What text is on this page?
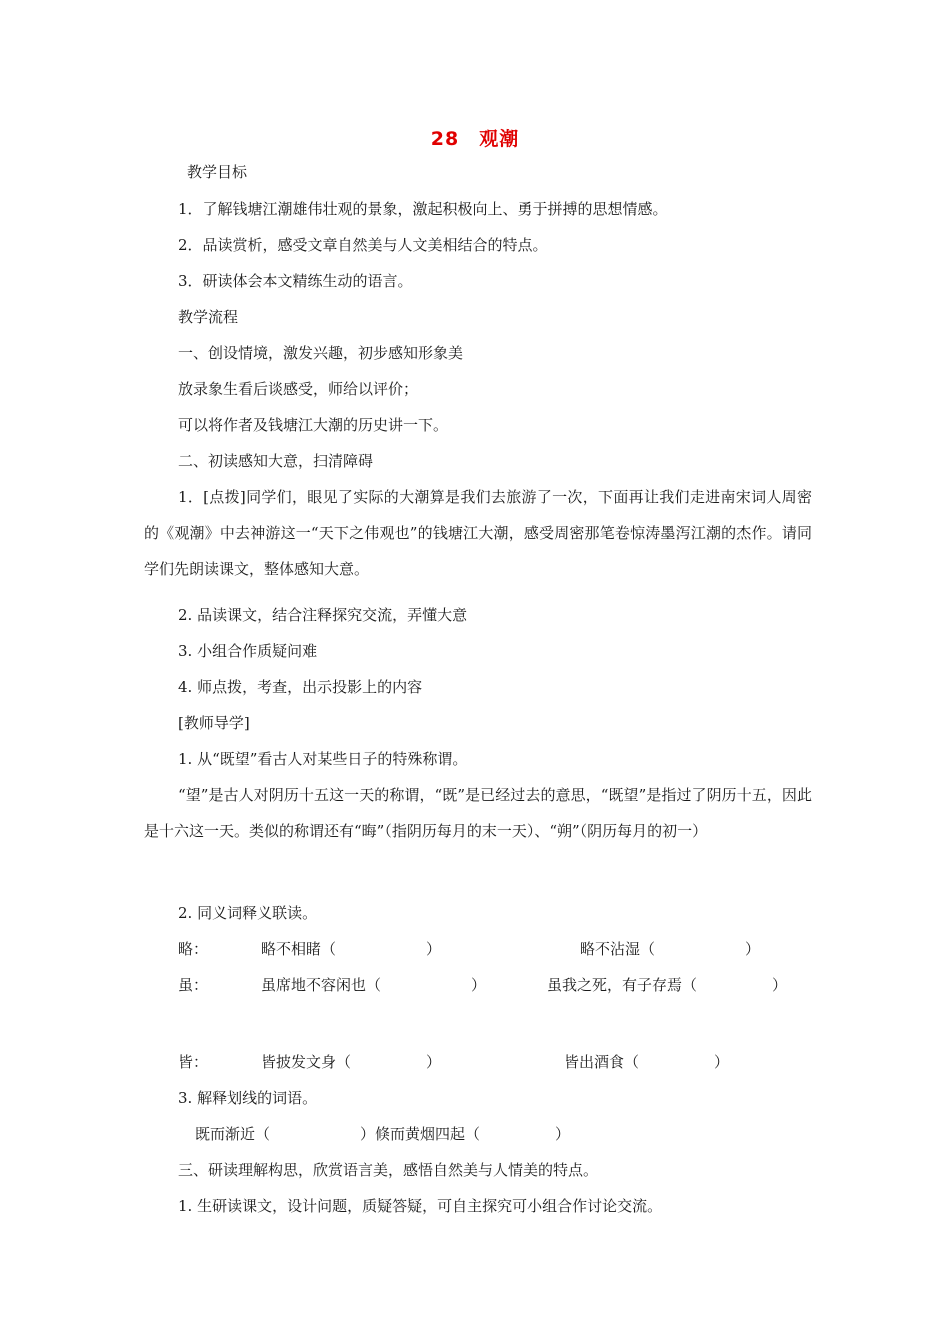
28　观潮
教学目标
1．了解钱塘江潮雄伟壮观的景象，激起积极向上、勇于拼搏的思想情感。
2．品读赏析，感受文章自然美与人文美相结合的特点。
3．研读体会本文精练生动的语言。
教学流程
一、创设情境，激发兴趣，初步感知形象美
放录象生看后谈感受，师给以评价；
可以将作者及钱塘江大潮的历史讲一下。
二、初读感知大意，扫清障碍
1．[点拨]同学们，眼见了实际的大潮算是我们去旅游了一次，下面再让我们走进南宋词人周密的《观潮》中去神游这一“天下之伟观也”的钱塘江大潮，感受周密那笔卷惊涛墨泻江潮的杰作。请同学们先朗读课文，整体感知大意。
2. 品读课文，结合注释探究交流，弄懂大意
3. 小组合作质疑问难
4. 师点拨，考查，出示投影上的内容
[教师导学]
1. 从“既望”看古人对某些日子的特殊称谓。
“望”是古人对阴历十五这一天的称谓，“既”是已经过去的意思，“既望”是指过了阴历十五，因此是十六这一天。类似的称谓还有“晦”（指阴历每月的末一天）、“朔”（阴历每月的初一）
2. 同义词释义联读。
略：	略不相睹（　　　　　　）	略不沾湿（　　　　　　）
虽：	虽席地不容闲也（　　　　　　）	虽我之死，有子存焉（　　　　　）
皆：	皆披发文身（　　　　　）	皆出酒食（　　　　　）
3. 解释划线的词语。
既而渐近（　　　　　　）倏而黄烟四起（　　　　　）
三、研读理解构思，欣赏语言美，感悟自然美与人情美的特点。
1. 生研读课文，设计问题，质疑答疑，可自主探究可小组合作讨论交流。
